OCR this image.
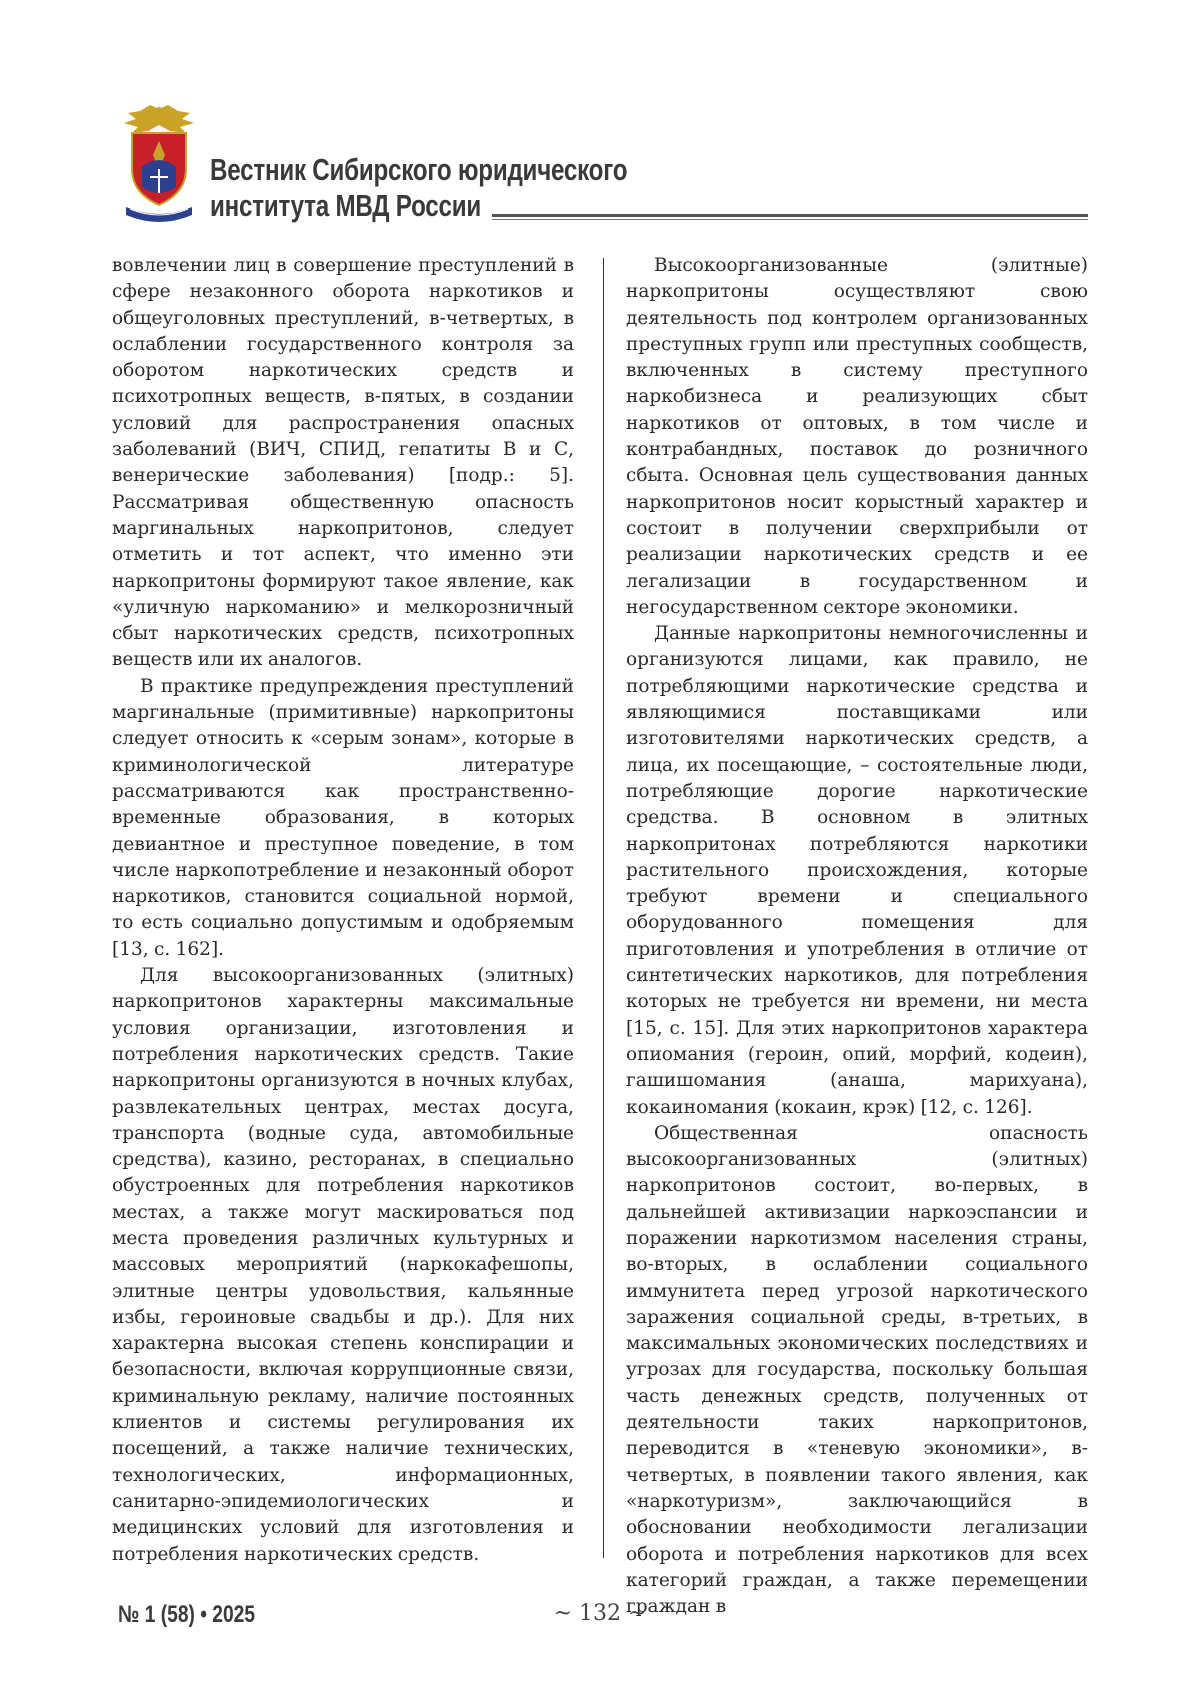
Вестник Сибирского юридического
института МВД России

вовлечении лиц в совершение преступлений в сфере незаконного оборота наркотиков и общеуголовных преступлений, в-четвертых, в ослаблении государственного контроля за оборотом наркотических средств и психотропных веществ, в-пятых, в создании условий для распространения опасных заболеваний (ВИЧ, СПИД, гепатиты В и С, венерические заболевания) [подр.: 5]. Рассматривая общественную опасность маргинальных наркопритонов, следует отметить и тот аспект, что именно эти наркопритоны формируют такое явление, как «уличную наркоманию» и мелкорозничный сбыт наркотических средств, психотропных веществ или их аналогов.

В практике предупреждения преступлений маргинальные (примитивные) наркопритоны следует относить к «серым зонам», которые в криминологической литературе рассматриваются как пространственно-временные образования, в которых девиантное и преступное поведение, в том числе наркопотребление и незаконный оборот наркотиков, становится социальной нормой, то есть социально допустимым и одобряемым [13, с. 162].

Для высокоорганизованных (элитных) наркопритонов характерны максимальные условия организации, изготовления и потребления наркотических средств. Такие наркопритоны организуются в ночных клубах, развлекательных центрах, местах досуга, транспорта (водные суда, автомобильные средства), казино, ресторанах, в специально обустроенных для потребления наркотиков местах, а также могут маскироваться под места проведения различных культурных и массовых мероприятий (наркокафешопы, элитные центры удовольствия, кальянные избы, героиновые свадьбы и др.). Для них характерна высокая степень конспирации и безопасности, включая коррупционные связи, криминальную рекламу, наличие постоянных клиентов и системы регулирования их посещений, а также наличие технических, технологических, информационных, санитарно-эпидемиологических и медицинских условий для изготовления и потребления наркотических средств.

Высокоорганизованные (элитные) наркопритоны осуществляют свою деятельность под контролем организованных преступных групп или преступных сообществ, включенных в систему преступного наркобизнеса и реализующих сбыт наркотиков от оптовых, в том числе и контрабандных, поставок до розничного сбыта. Основная цель существования данных наркопритонов носит корыстный характер и состоит в получении сверхприбыли от реализации наркотических средств и ее легализации в государственном и негосударственном секторе экономики.

Данные наркопритоны немногочисленны и организуются лицами, как правило, не потребляющими наркотические средства и являющимися поставщиками или изготовителями наркотических средств, а лица, их посещающие, – состоятельные люди, потребляющие дорогие наркотические средства. В основном в элитных наркопритонах потребляются наркотики растительного происхождения, которые требуют времени и специального оборудованного помещения для приготовления и употребления в отличие от синтетических наркотиков, для потребления которых не требуется ни времени, ни места [15, с. 15]. Для этих наркопритонов характера опиомания (героин, опий, морфий, кодеин), гашишомания (анаша, марихуана), кокаиномания (кокаин, крэк) [12, с. 126].

Общественная опасность высокоорганизованных (элитных) наркопритонов состоит, во-первых, в дальнейшей активизации наркоэспансии и поражении наркотизмом населения страны, во-вторых, в ослаблении социального иммунитета перед угрозой наркотического заражения социальной среды, в-третьих, в максимальных экономических последствиях и угрозах для государства, поскольку большая часть денежных средств, полученных от деятельности таких наркопритонов, переводится в «теневую экономики», в-четвертых, в появлении такого явления, как «наркотуризм», заключающийся в обосновании необходимости легализации оборота и потребления наркотиков для всех категорий граждан, а также перемещении граждан в

№ 1 (58) • 2025	~ 132 ~
